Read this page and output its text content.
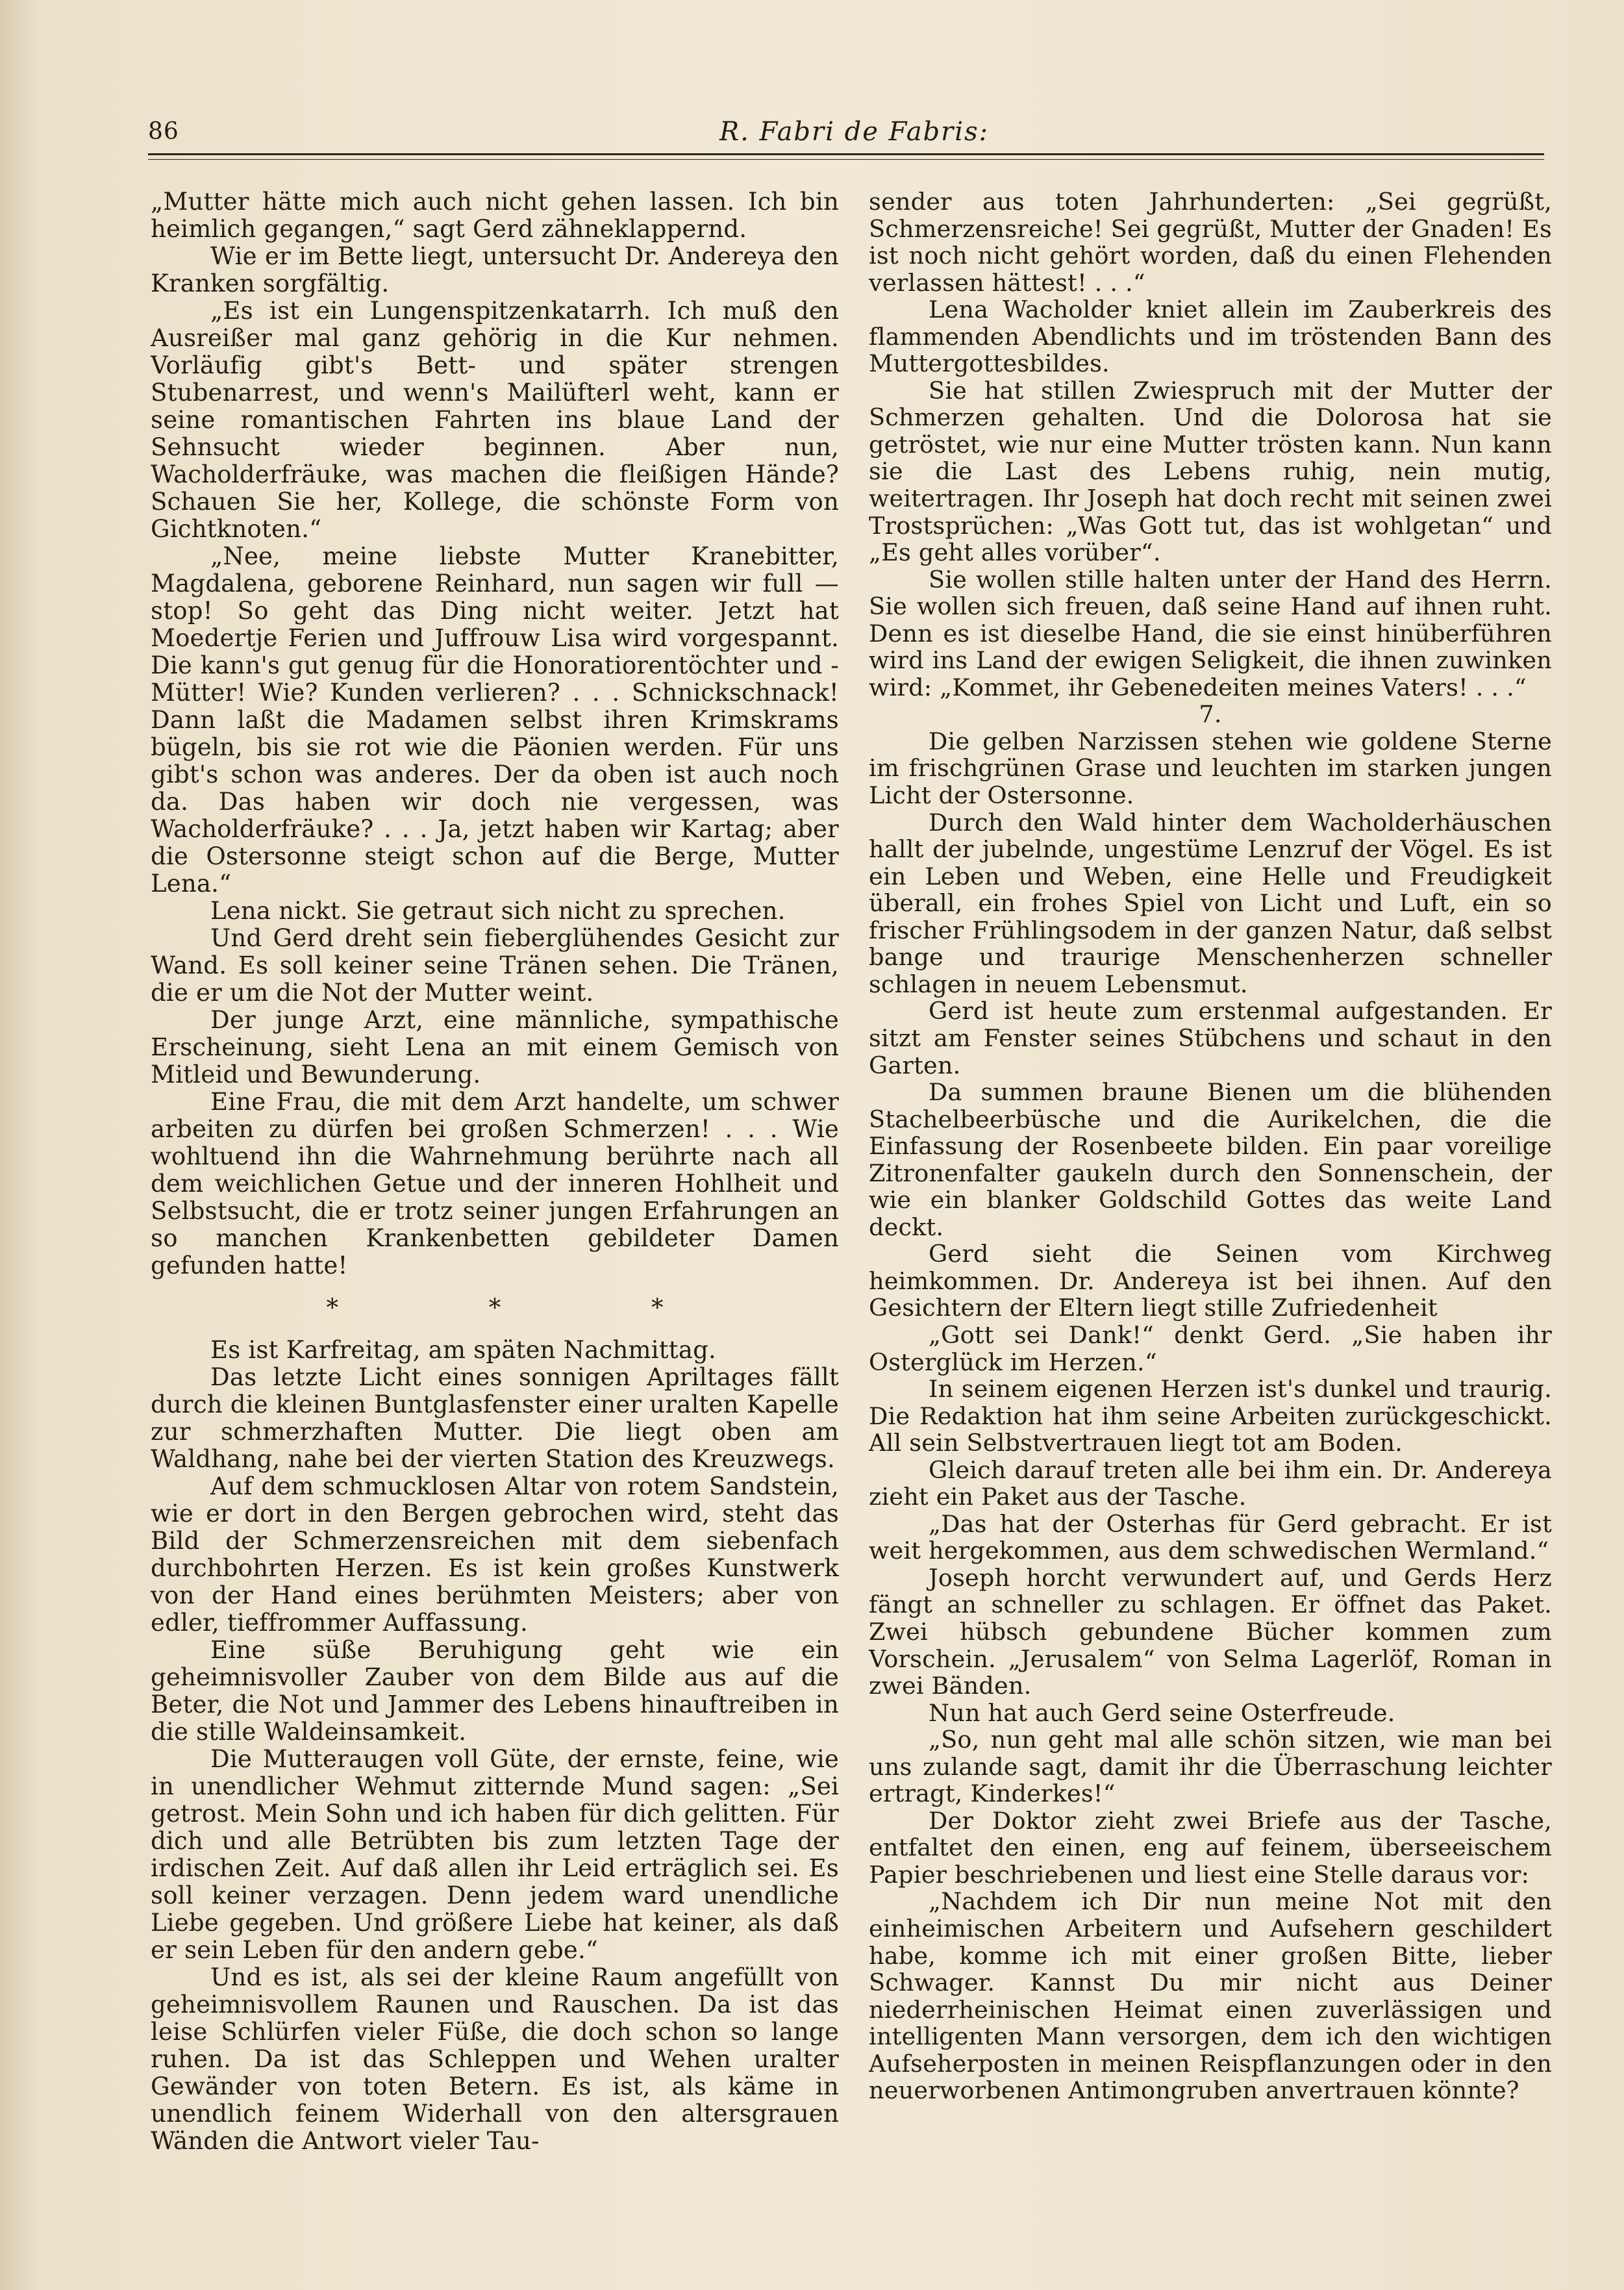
86	R. Fabri de Fabris:

„Mutter hätte mich auch nicht gehen lassen. Ich bin heimlich gegangen,“ sagt Gerd zähneklappernd.

Wie er im Bette liegt, untersucht Dr. Andereya den Kranken sorgfältig.

„Es ist ein Lungenspitzenkatarrh. Ich muß den Ausreißer mal ganz gehörig in die Kur nehmen. Vorläufig gibt's Bett- und später strengen Stubenarrest, und wenn's Mailüfterl weht, kann er seine romantischen Fahrten ins blaue Land der Sehnsucht wieder beginnen. Aber nun, Wacholderfräuke, was machen die fleißigen Hände? Schauen Sie her, Kollege, die schönste Form von Gichtknoten.“

„Nee, meine liebste Mutter Kranebitter, Magdalena, geborene Reinhard, nun sagen wir full — stop! So geht das Ding nicht weiter. Jetzt hat Moedertje Ferien und Juffrouw Lisa wird vorgespannt. Die kann's gut genug für die Honoratiorentöchter und -Mütter! Wie? Kunden verlieren? . . . Schnickschnack! Dann laßt die Madamen selbst ihren Krimskrams bügeln, bis sie rot wie die Päonien werden. Für uns gibt's schon was anderes. Der da oben ist auch noch da. Das haben wir doch nie vergessen, was Wacholderfräuke? . . . Ja, jetzt haben wir Kartag; aber die Ostersonne steigt schon auf die Berge, Mutter Lena.“

Lena nickt. Sie getraut sich nicht zu sprechen.

Und Gerd dreht sein fieberglühendes Gesicht zur Wand. Es soll keiner seine Tränen sehen. Die Tränen, die er um die Not der Mutter weint.

Der junge Arzt, eine männliche, sympathische Erscheinung, sieht Lena an mit einem Gemisch von Mitleid und Bewunderung.

Eine Frau, die mit dem Arzt handelte, um schwer arbeiten zu dürfen bei großen Schmerzen! . . . Wie wohltuend ihn die Wahrnehmung berührte nach all dem weichlichen Getue und der inneren Hohlheit und Selbstsucht, die er trotz seiner jungen Erfahrungen an so manchen Krankenbetten gebildeter Damen gefunden hatte!

* * *

Es ist Karfreitag, am späten Nachmittag.

Das letzte Licht eines sonnigen Apriltages fällt durch die kleinen Buntglasfenster einer uralten Kapelle zur schmerzhaften Mutter. Die liegt oben am Waldhang, nahe bei der vierten Station des Kreuzwegs.

Auf dem schmucklosen Altar von rotem Sandstein, wie er dort in den Bergen gebrochen wird, steht das Bild der Schmerzensreichen mit dem siebenfach durchbohrten Herzen. Es ist kein großes Kunstwerk von der Hand eines berühmten Meisters; aber von edler, tieffrommer Auffassung.

Eine süße Beruhigung geht wie ein geheimnisvoller Zauber von dem Bilde aus auf die Beter, die Not und Jammer des Lebens hinauftreiben in die stille Waldeinsamkeit.

Die Mutteraugen voll Güte, der ernste, feine, wie in unendlicher Wehmut zitternde Mund sagen: „Sei getrost. Mein Sohn und ich haben für dich gelitten. Für dich und alle Betrübten bis zum letzten Tage der irdischen Zeit. Auf daß allen ihr Leid erträglich sei. Es soll keiner verzagen. Denn jedem ward unendliche Liebe gegeben. Und größere Liebe hat keiner, als daß er sein Leben für den andern gebe.“

Und es ist, als sei der kleine Raum angefüllt von geheimnisvollem Raunen und Rauschen. Da ist das leise Schlürfen vieler Füße, die doch schon so lange ruhen. Da ist das Schleppen und Wehen uralter Gewänder von toten Betern. Es ist, als käme in unendlich feinem Widerhall von den altersgrauen Wänden die Antwort vieler Tau-

sender aus toten Jahrhunderten: „Sei gegrüßt, Schmerzensreiche! Sei gegrüßt, Mutter der Gnaden! Es ist noch nicht gehört worden, daß du einen Flehenden verlassen hättest! . . .“

Lena Wacholder kniet allein im Zauberkreis des flammenden Abendlichts und im tröstenden Bann des Muttergottesbildes.

Sie hat stillen Zwiespruch mit der Mutter der Schmerzen gehalten. Und die Dolorosa hat sie getröstet, wie nur eine Mutter trösten kann. Nun kann sie die Last des Lebens ruhig, nein mutig, weitertragen. Ihr Joseph hat doch recht mit seinen zwei Trostsprüchen: „Was Gott tut, das ist wohlgetan“ und „Es geht alles vorüber“.

Sie wollen stille halten unter der Hand des Herrn. Sie wollen sich freuen, daß seine Hand auf ihnen ruht. Denn es ist dieselbe Hand, die sie einst hinüberführen wird ins Land der ewigen Seligkeit, die ihnen zuwinken wird: „Kommet, ihr Gebenedeiten meines Vaters! . . .“

7.

Die gelben Narzissen stehen wie goldene Sterne im frischgrünen Grase und leuchten im starken jungen Licht der Ostersonne.

Durch den Wald hinter dem Wacholderhäuschen hallt der jubelnde, ungestüme Lenzruf der Vögel. Es ist ein Leben und Weben, eine Helle und Freudigkeit überall, ein frohes Spiel von Licht und Luft, ein so frischer Frühlingsodem in der ganzen Natur, daß selbst bange und traurige Menschenherzen schneller schlagen in neuem Lebensmut.

Gerd ist heute zum erstenmal aufgestanden. Er sitzt am Fenster seines Stübchens und schaut in den Garten.

Da summen braune Bienen um die blühenden Stachelbeerbüsche und die Aurikelchen, die die Einfassung der Rosenbeete bilden. Ein paar voreilige Zitronenfalter gaukeln durch den Sonnenschein, der wie ein blanker Goldschild Gottes das weite Land deckt.

Gerd sieht die Seinen vom Kirchweg heimkommen. Dr. Andereya ist bei ihnen. Auf den Gesichtern der Eltern liegt stille Zufriedenheit

„Gott sei Dank!“ denkt Gerd. „Sie haben ihr Osterglück im Herzen.“

In seinem eigenen Herzen ist's dunkel und traurig. Die Redaktion hat ihm seine Arbeiten zurückgeschickt. All sein Selbstvertrauen liegt tot am Boden.

Gleich darauf treten alle bei ihm ein. Dr. Andereya zieht ein Paket aus der Tasche.

„Das hat der Osterhas für Gerd gebracht. Er ist weit hergekommen, aus dem schwedischen Wermland.“

Joseph horcht verwundert auf, und Gerds Herz fängt an schneller zu schlagen. Er öffnet das Paket. Zwei hübsch gebundene Bücher kommen zum Vorschein. „Jerusalem“ von Selma Lagerlöf, Roman in zwei Bänden.

Nun hat auch Gerd seine Osterfreude.

„So, nun geht mal alle schön sitzen, wie man bei uns zulande sagt, damit ihr die Überraschung leichter ertragt, Kinderkes!“

Der Doktor zieht zwei Briefe aus der Tasche, entfaltet den einen, eng auf feinem, überseeischem Papier beschriebenen und liest eine Stelle daraus vor:

„Nachdem ich Dir nun meine Not mit den einheimischen Arbeitern und Aufsehern geschildert habe, komme ich mit einer großen Bitte, lieber Schwager. Kannst Du mir nicht aus Deiner niederrheinischen Heimat einen zuverlässigen und intelligenten Mann versorgen, dem ich den wichtigen Aufseherposten in meinen Reispflanzungen oder in den neuerworbenen Antimongruben anvertrauen könnte?
